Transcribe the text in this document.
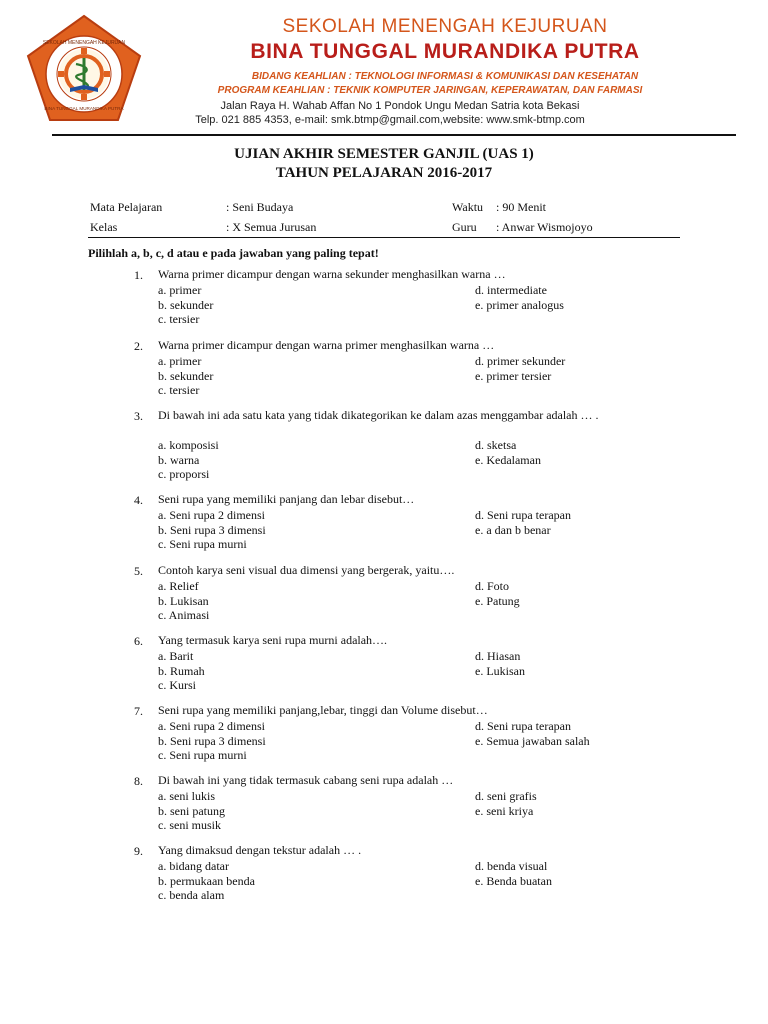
SEKOLAH MENENGAH KEJURUAN
BINA TUNGGAL MURANDIKA PUTRA
SEKOLAH MENENGAH KEJURUAN
BINA TUNGGAL MURANDIKA PUTRA
BIDANG KEAHLIAN : TEKNOLOGI INFORMASI & KOMUNIKASI DAN KESEHATAN
PROGRAM KEAHLIAN : TEKNIK KOMPUTER JARINGAN, KEPERAWATAN, DAN FARMASI
Jalan Raya H. Wahab Affan No 1 Pondok Ungu Medan Satria kota Bekasi
Telp. 021 885 4353, e-mail: smk.btmp@gmail.com,website: www.smk-btmp.com
UJIAN AKHIR SEMESTER GANJIL (UAS 1)
TAHUN PELAJARAN 2016-2017
Mata Pelajaran	: Seni Budaya	Waktu : 90 Menit
Kelas	: X Semua Jurusan	Guru : Anwar Wismojoyo
Pilihlah a, b, c, d atau e pada jawaban yang paling tepat!
1. Warna primer dicampur dengan warna sekunder menghasilkan warna …
a. primer
b. sekunder
c. tersier
d. intermediate
e. primer analogus
2. Warna primer dicampur dengan warna primer menghasilkan warna …
a. primer
b. sekunder
c. tersier
d. primer sekunder
e. primer tersier
3. Di bawah ini ada satu kata yang tidak dikategorikan ke dalam azas menggambar adalah … .
a. komposisi
b. warna
c. proporsi
d. sketsa
e. Kedalaman
4. Seni rupa yang memiliki panjang dan lebar disebut…
a. Seni rupa 2 dimensi
b. Seni rupa 3 dimensi
c. Seni rupa murni
d. Seni rupa terapan
e. a dan b benar
5. Contoh karya seni visual dua dimensi yang bergerak, yaitu….
a. Relief
b. Lukisan
c. Animasi
d. Foto
e. Patung
6. Yang termasuk karya seni rupa murni adalah….
a. Barit
b. Rumah
c. Kursi
d. Hiasan
e. Lukisan
7. Seni rupa yang memiliki panjang,lebar, tinggi dan Volume disebut…
a. Seni rupa 2 dimensi
b. Seni rupa 3 dimensi
c. Seni rupa murni
d. Seni rupa terapan
e. Semua jawaban salah
8. Di bawah ini yang tidak termasuk cabang seni rupa adalah …
a. seni lukis
b. seni patung
c. seni musik
d. seni grafis
e. seni kriya
9. Yang dimaksud dengan tekstur adalah … .
a. bidang datar
b. permukaan benda
c. benda alam
d. benda visual
e. Benda buatan
